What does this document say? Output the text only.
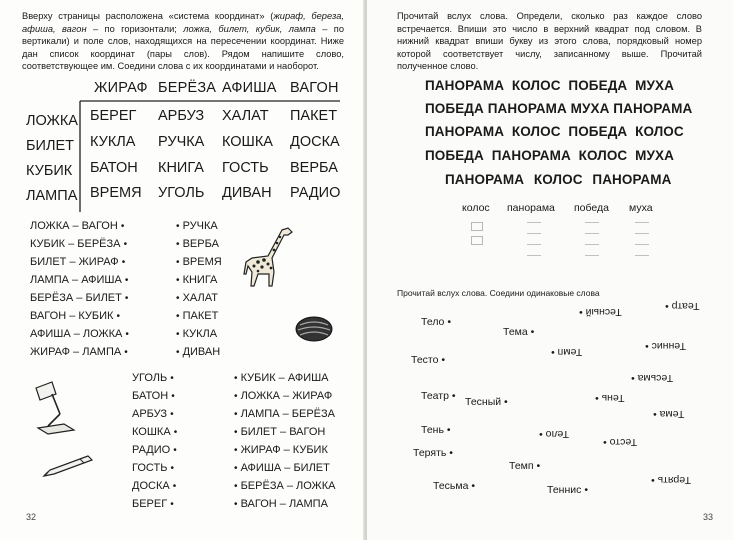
Вверху страницы расположена «система координат» (жираф, береза, афиша, вагон – по горизонтали; ложка, билет, кубик, лампа – по вертикали) и поле слов, находящихся на пересечении координат. Ниже дан список координат (пары слов). Рядом напишите слово, соответствующее им. Соедини слова с их координатами и наоборот.
ЖИРАФ БЕРЁЗА АФИША ВАГОН
ЛОЖКА БЕРЕГ АРБУЗ ХАЛАТ ПАКЕТ
БИЛЕТ КУКЛА РУЧКА КОШКА ДОСКА
КУБИК БАТОН КНИГА ГОСТЬ ВЕРБА
ЛАМПА ВРЕМЯ УГОЛЬ ДИВАН РАДИО
ЛОЖКА – ВАГОН •
КУБИК – БЕРЁЗА •
БИЛЕТ – ЖИРАФ •
ЛАМПА – АФИША •
БЕРЁЗА – БИЛЕТ •
ВАГОН – КУБИК •
АФИША – ЛОЖКА •
ЖИРАФ – ЛАМПА •
• РУЧКА
• ВЕРБА
• ВРЕМЯ
• КНИГА
• ХАЛАТ
• ПАКЕТ
• КУКЛА
• ДИВАН
УГОЛЬ •
БАТОН •
АРБУЗ •
КОШКА •
РАДИО •
ГОСТЬ •
ДОСКА •
БЕРЕГ •
• КУБИК – АФИША
• ЛОЖКА – ЖИРАФ
• ЛАМПА – БЕРЁЗА
• БИЛЕТ – ВАГОН
• ЖИРАФ – КУБИК
• АФИША – БИЛЕТ
• БЕРЁЗА – ЛОЖКА
• ВАГОН – ЛАМПА
32
Прочитай вслух слова. Определи, сколько раз каждое слово встречается. Впиши это число в верхний квадрат под словом. В нижний квадрат впиши букву из этого слова, порядковый номер которой соответствует числу, записанному выше. Прочитай полученное слово.
ПАНОРАМА КОЛОС ПОБЕДА МУХА
ПОБЕДА ПАНОРАМА МУХА ПАНОРАМА
ПАНОРАМА КОЛОС ПОБЕДА КОЛОС
ПОБЕДА ПАНОРАМА КОЛОС МУХА
ПАНОРАМА КОЛОС ПАНОРАМА
колос панорама победа муха
Прочитай вслух слова. Соедини одинаковые слова
Тело •
Тесто •
Театр •
Тень •
Терять •
Тесьма •
Тема •
Тесный •
Темп •
Теннис •
Тесный •
Темп •
Тело •
Тесто •
Теннис •
Театр •
Тесьма •
Тень •
Тема •
Терять •
33
